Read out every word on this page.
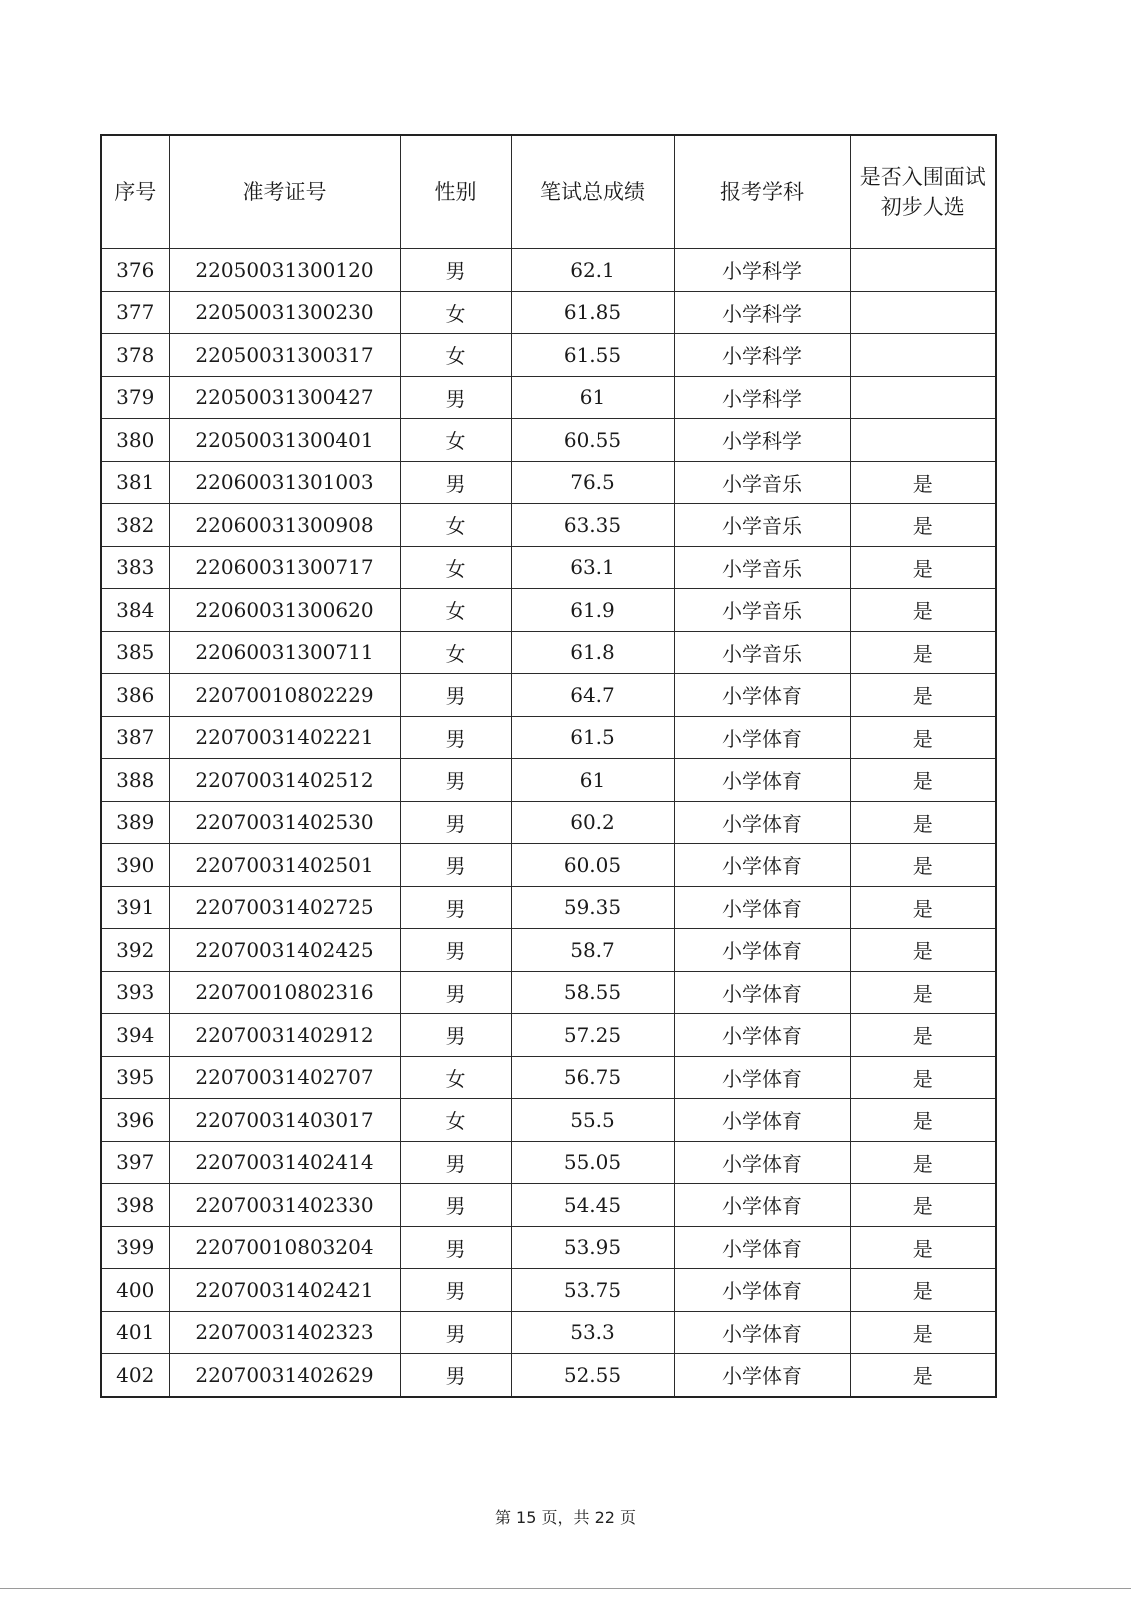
序号	准考证号	性别	笔试总成绩	报考学科	是否入围面试
初步人选
376	22050031300120	男	62.1	小学科学	
377	22050031300230	女	61.85	小学科学	
378	22050031300317	女	61.55	小学科学	
379	22050031300427	男	61	小学科学	
380	22050031300401	女	60.55	小学科学	
381	22060031301003	男	76.5	小学音乐	是
382	22060031300908	女	63.35	小学音乐	是
383	22060031300717	女	63.1	小学音乐	是
384	22060031300620	女	61.9	小学音乐	是
385	22060031300711	女	61.8	小学音乐	是
386	22070010802229	男	64.7	小学体育	是
387	22070031402221	男	61.5	小学体育	是
388	22070031402512	男	61	小学体育	是
389	22070031402530	男	60.2	小学体育	是
390	22070031402501	男	60.05	小学体育	是
391	22070031402725	男	59.35	小学体育	是
392	22070031402425	男	58.7	小学体育	是
393	22070010802316	男	58.55	小学体育	是
394	22070031402912	男	57.25	小学体育	是
395	22070031402707	女	56.75	小学体育	是
396	22070031403017	女	55.5	小学体育	是
397	22070031402414	男	55.05	小学体育	是
398	22070031402330	男	54.45	小学体育	是
399	22070010803204	男	53.95	小学体育	是
400	22070031402421	男	53.75	小学体育	是
401	22070031402323	男	53.3	小学体育	是
402	22070031402629	男	52.55	小学体育	是
第 15 页，共 22 页
